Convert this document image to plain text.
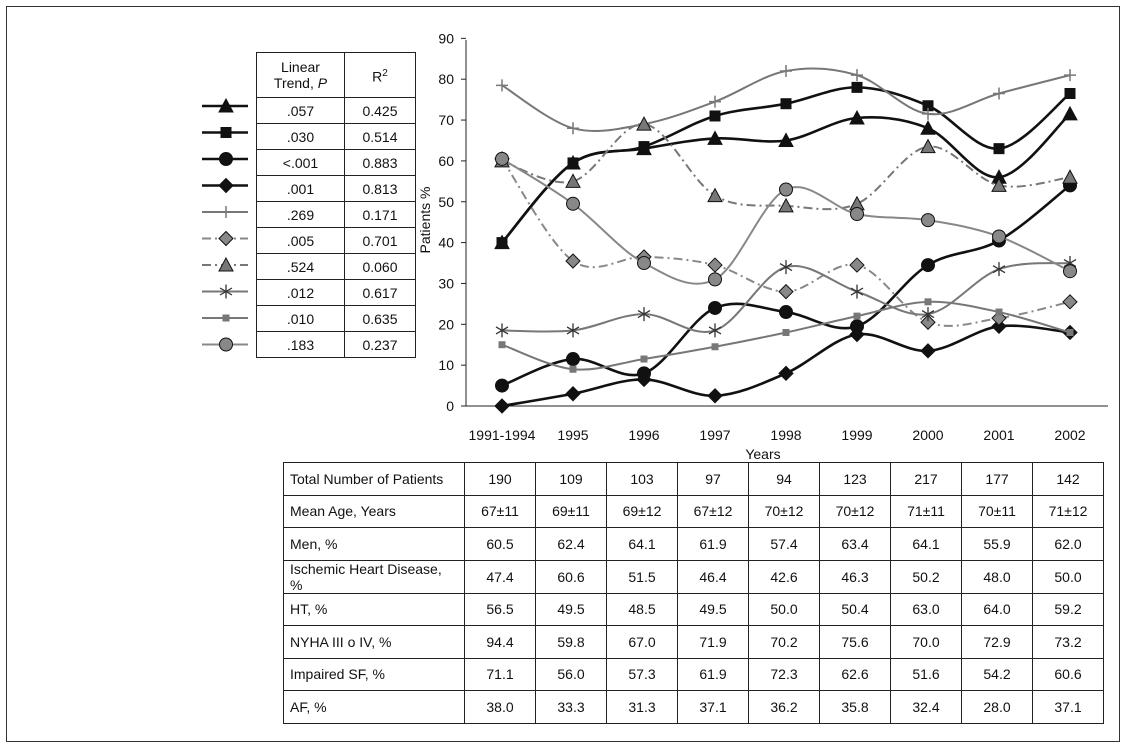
0
10
20
30
40
50
60
70
80
90
1991-1994 1995	1996	1997	1998	1999	2000	2001	2002
Patients %
Years
Linear
Trend, P	$R^2$
.057	0.425
.030	0.514
<.001	0.883
.001	0.813
.269	0.171
.005	0.701
.524	0.060
.012	0.617
.010	0.635
.183	0.237
Total Number of Patients	190	109	103	97	94	123	217	177	142
Mean Age, Years	67±11	69±11	69±12	67±12	70±12	70±12	71±11	70±11	71±12
Men, %	60.5	62.4	64.1	61.9	57.4	63.4	64.1	55.9	62.0
Ischemic Heart Disease, %	47.4	60.6	51.5	46.4	42.6	46.3	50.2	48.0	50.0
HT, %	56.5	49.5	48.5	49.5	50.0	50.4	63.0	64.0	59.2
NYHA III o IV, %	94.4	59.8	67.0	71.9	70.2	75.6	70.0	72.9	73.2
Impaired SF, %	71.1	56.0	57.3	61.9	72.3	62.6	51.6	54.2	60.6
AF, %	38.0	33.3	31.3	37.1	36.2	35.8	32.4	28.0	37.1
